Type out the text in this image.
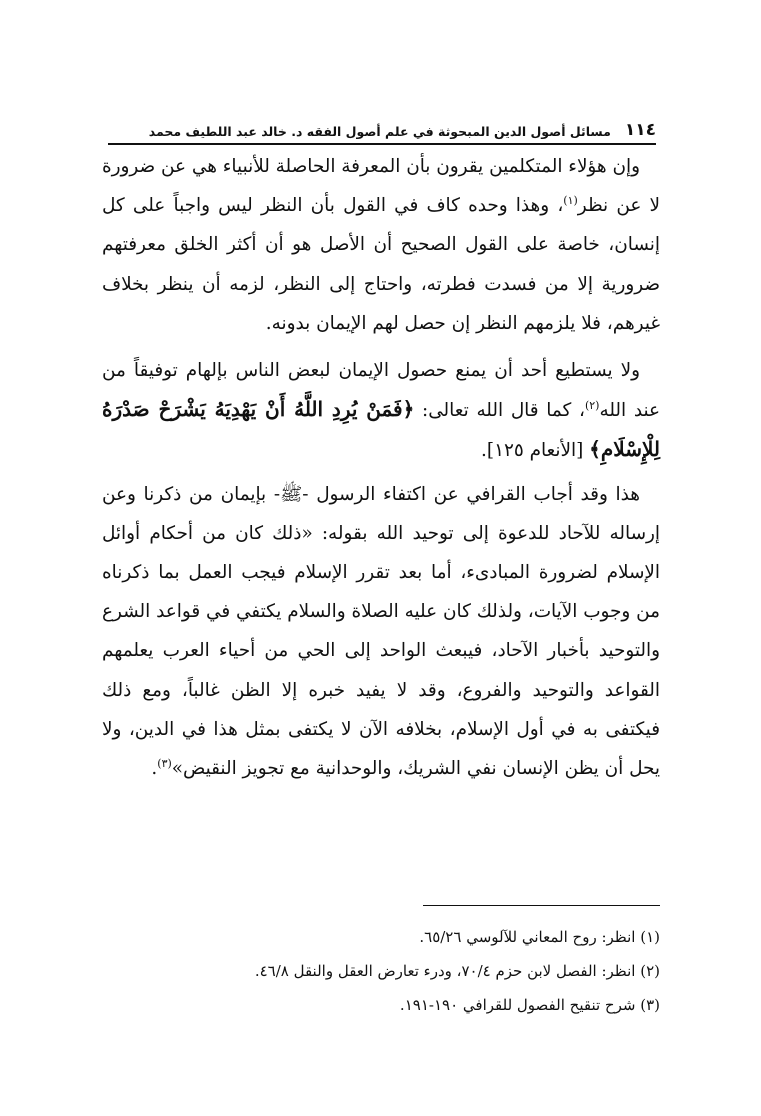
١١٤
مسائل أصول الدين المبحوثة في علم أصول الفقه د. خالد عبد اللطيف محمد

وإن هؤلاء المتكلمين يقرون بأن المعرفة الحاصلة للأنبياء هي عن ضرورة لا عن نظر$^{(١)}$، وهذا وحده كاف في القول بأن النظر ليس واجباً على كل إنسان، خاصة على القول الصحيح أن الأصل هو أن أكثر الخلق معرفتهم ضرورية إلا من فسدت فطرته، واحتاج إلى النظر، لزمه أن ينظر بخلاف غيرهم، فلا يلزمهم النظر إن حصل لهم الإيمان بدونه.

ولا يستطيع أحد أن يمنع حصول الإيمان لبعض الناس بإلهام توفيقاً من عند الله$^{(٢)}$، كما قال الله تعالى: ﴿فَمَنْ يُرِدِ اللَّهُ أَنْ يَهْدِيَهُ يَشْرَحْ صَدْرَهُ لِلْإِسْلَامِ﴾ [الأنعام ١٢٥].

هذا وقد أجاب القرافي عن اكتفاء الرسول -ﷺ- بإيمان من ذكرنا وعن إرساله للآحاد للدعوة إلى توحيد الله بقوله: «ذلك كان من أحكام أوائل الإسلام لضرورة المبادىء، أما بعد تقرر الإسلام فيجب العمل بما ذكرناه من وجوب الآيات، ولذلك كان عليه الصلاة والسلام يكتفي في قواعد الشرع والتوحيد بأخبار الآحاد، فيبعث الواحد إلى الحي من أحياء العرب يعلمهم القواعد والتوحيد والفروع، وقد لا يفيد خبره إلا الظن غالباً، ومع ذلك فيكتفى به في أول الإسلام، بخلافه الآن لا يكتفى بمثل هذا في الدين، ولا يحل أن يظن الإنسان نفي الشريك، والوحدانية مع تجويز النقيض»$^{(٣)}$.

(١) انظر: روح المعاني للآلوسي ٦٥/٢٦.
(٢) انظر: الفصل لابن حزم ٧٠/٤، ودرء تعارض العقل والنقل ٤٦/٨.
(٣) شرح تنقيح الفصول للقرافي ١٩٠-١٩١.
